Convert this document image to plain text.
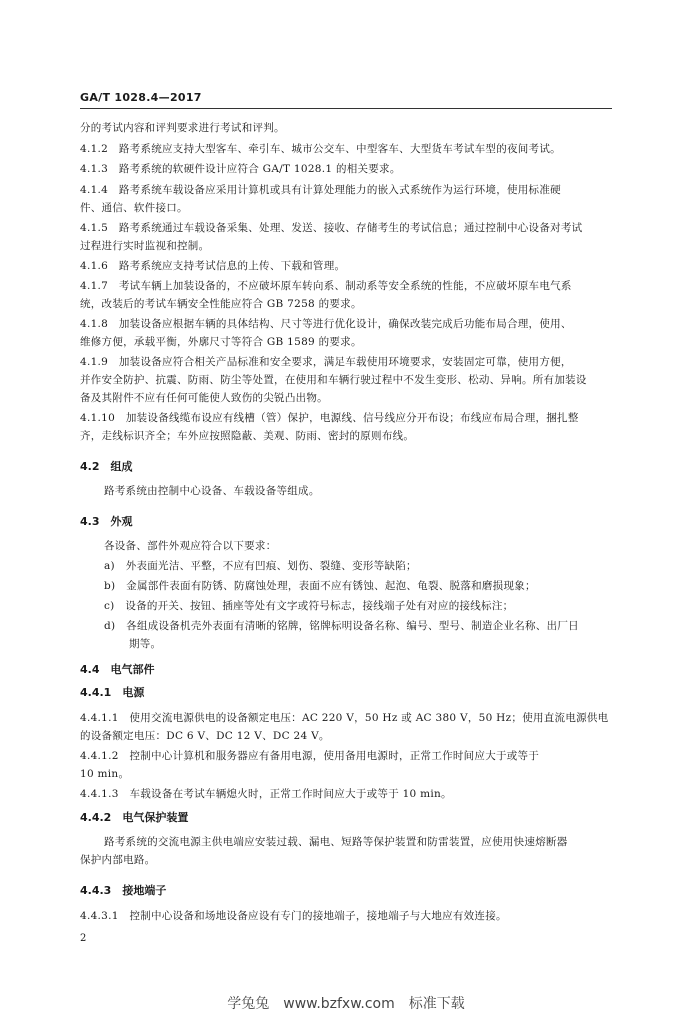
GA/T 1028.4—2017
分的考试内容和评判要求进行考试和评判。
4.1.2　路考系统应支持大型客车、牵引车、城市公交车、中型客车、大型货车考试车型的夜间考试。
4.1.3　路考系统的软硬件设计应符合 GA/T 1028.1 的相关要求。
4.1.4　路考系统车载设备应采用计算机或具有计算处理能力的嵌入式系统作为运行环境，使用标准硬
件、通信、软件接口。
4.1.5　路考系统通过车载设备采集、处理、发送、接收、存储考生的考试信息；通过控制中心设备对考试
过程进行实时监视和控制。
4.1.6　路考系统应支持考试信息的上传、下载和管理。
4.1.7　考试车辆上加装设备的，不应破坏原车转向系、制动系等安全系统的性能，不应破坏原车电气系
统，改装后的考试车辆安全性能应符合 GB 7258 的要求。
4.1.8　加装设备应根据车辆的具体结构、尺寸等进行优化设计，确保改装完成后功能布局合理，使用、
维修方便，承载平衡，外廓尺寸等符合 GB 1589 的要求。
4.1.9　加装设备应符合相关产品标准和安全要求，满足车载使用环境要求，安装固定可靠，使用方便，
并作安全防护、抗震、防雨、防尘等处置，在使用和车辆行驶过程中不发生变形、松动、异响。所有加装设
备及其附件不应有任何可能使人致伤的尖锐凸出物。
4.1.10　加装设备线缆布设应有线槽（管）保护，电源线、信号线应分开布设；布线应布局合理，捆扎整
齐，走线标识齐全；车外应按照隐蔽、美观、防雨、密封的原则布线。
4.2　组成
路考系统由控制中心设备、车载设备等组成。
4.3　外观
各设备、部件外观应符合以下要求：
a)　外表面光洁、平整，不应有凹痕、划伤、裂缝、变形等缺陷；
b)　金属部件表面有防锈、防腐蚀处理，表面不应有锈蚀、起泡、龟裂、脱落和磨损现象；
c)　设备的开关、按钮、插座等处有文字或符号标志，接线端子处有对应的接线标注；
d)　各组成设备机壳外表面有清晰的铭牌，铭牌标明设备名称、编号、型号、制造企业名称、出厂日
期等。
4.4　电气部件
4.4.1　电源
4.4.1.1　使用交流电源供电的设备额定电压：AC 220 V，50 Hz 或 AC 380 V，50 Hz；使用直流电源供电
的设备额定电压：DC 6 V、DC 12 V、DC 24 V。
4.4.1.2　控制中心计算机和服务器应有备用电源，使用备用电源时，正常工作时间应大于或等于
10 min。
4.4.1.3　车载设备在考试车辆熄火时，正常工作时间应大于或等于 10 min。
4.4.2　电气保护装置
路考系统的交流电源主供电端应安装过载、漏电、短路等保护装置和防雷装置，应使用快速熔断器
保护内部电路。
4.4.3　接地端子
4.4.3.1　控制中心设备和场地设备应设有专门的接地端子，接地端子与大地应有效连接。
2
学兔兔　www.bzfxw.com　标准下载
